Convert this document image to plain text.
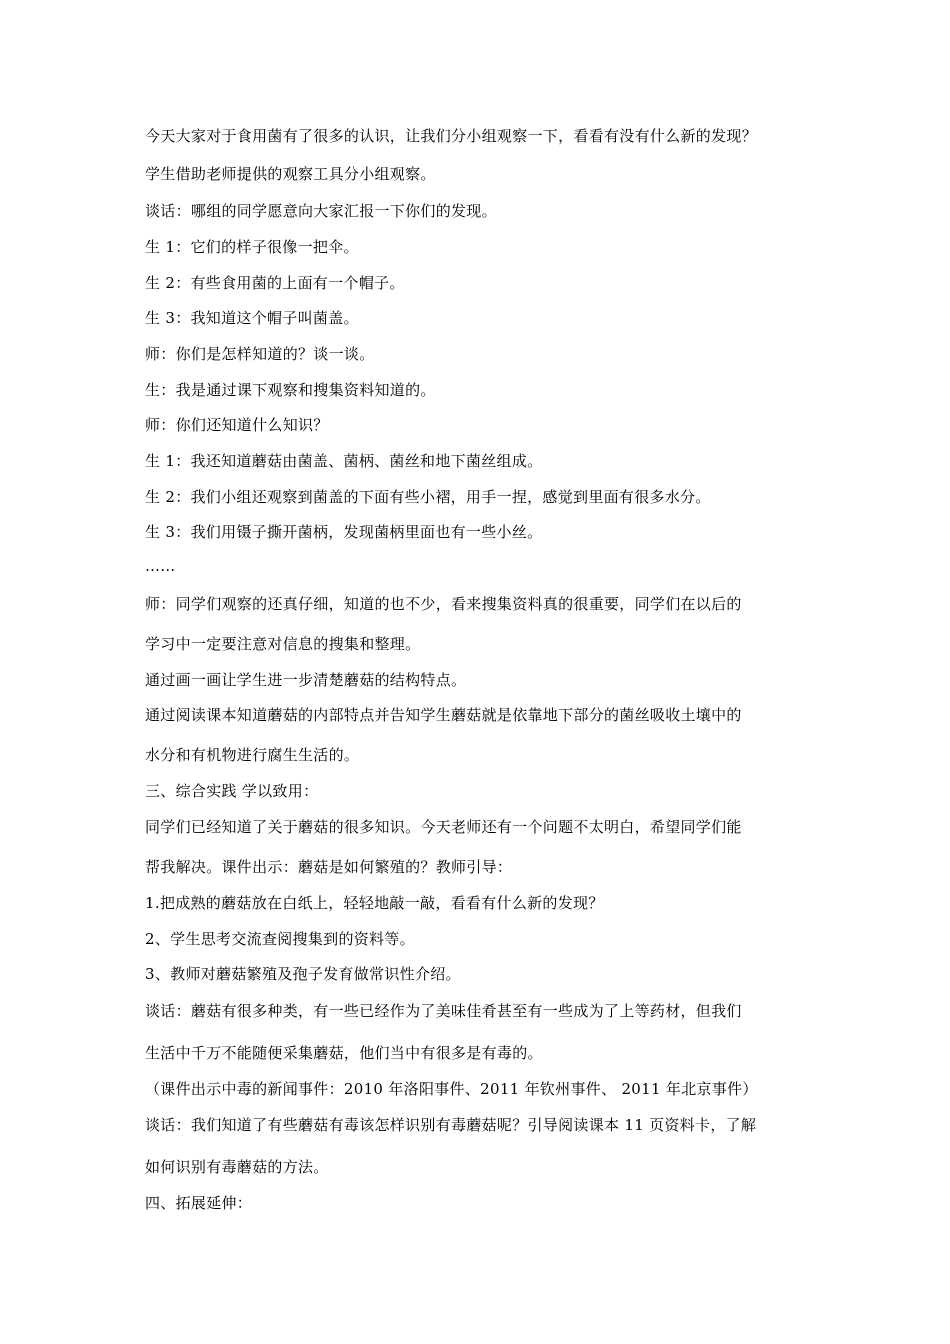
今天大家对于食用菌有了很多的认识，让我们分小组观察一下，看看有没有什么新的发现？
学生借助老师提供的观察工具分小组观察。
谈话：哪组的同学愿意向大家汇报一下你们的发现。
生 1：它们的样子很像一把伞。
生 2：有些食用菌的上面有一个帽子。
生 3：我知道这个帽子叫菌盖。
师：你们是怎样知道的？谈一谈。
生：我是通过课下观察和搜集资料知道的。
师：你们还知道什么知识？
生 1：我还知道蘑菇由菌盖、菌柄、菌丝和地下菌丝组成。
生 2：我们小组还观察到菌盖的下面有些小褶，用手一捏，感觉到里面有很多水分。
生 3：我们用镊子撕开菌柄，发现菌柄里面也有一些小丝。
……
师：同学们观察的还真仔细，知道的也不少，看来搜集资料真的很重要，同学们在以后的
学习中一定要注意对信息的搜集和整理。
通过画一画让学生进一步清楚蘑菇的结构特点。
通过阅读课本知道蘑菇的内部特点并告知学生蘑菇就是依靠地下部分的菌丝吸收土壤中的
水分和有机物进行腐生生活的。
三、综合实践 学以致用：
同学们已经知道了关于蘑菇的很多知识。今天老师还有一个问题不太明白，希望同学们能
帮我解决。课件出示：蘑菇是如何繁殖的？教师引导：
1.把成熟的蘑菇放在白纸上，轻轻地敲一敲，看看有什么新的发现？
2、学生思考交流查阅搜集到的资料等。
3、教师对蘑菇繁殖及孢子发育做常识性介绍。
谈话：蘑菇有很多种类，有一些已经作为了美味佳肴甚至有一些成为了上等药材，但我们
生活中千万不能随便采集蘑菇，他们当中有很多是有毒的。
（课件出示中毒的新闻事件：2010 年洛阳事件、2011 年钦州事件、 2011 年北京事件）
谈话：我们知道了有些蘑菇有毒该怎样识别有毒蘑菇呢？引导阅读课本 11 页资料卡，了解
如何识别有毒蘑菇的方法。
四、拓展延伸：
